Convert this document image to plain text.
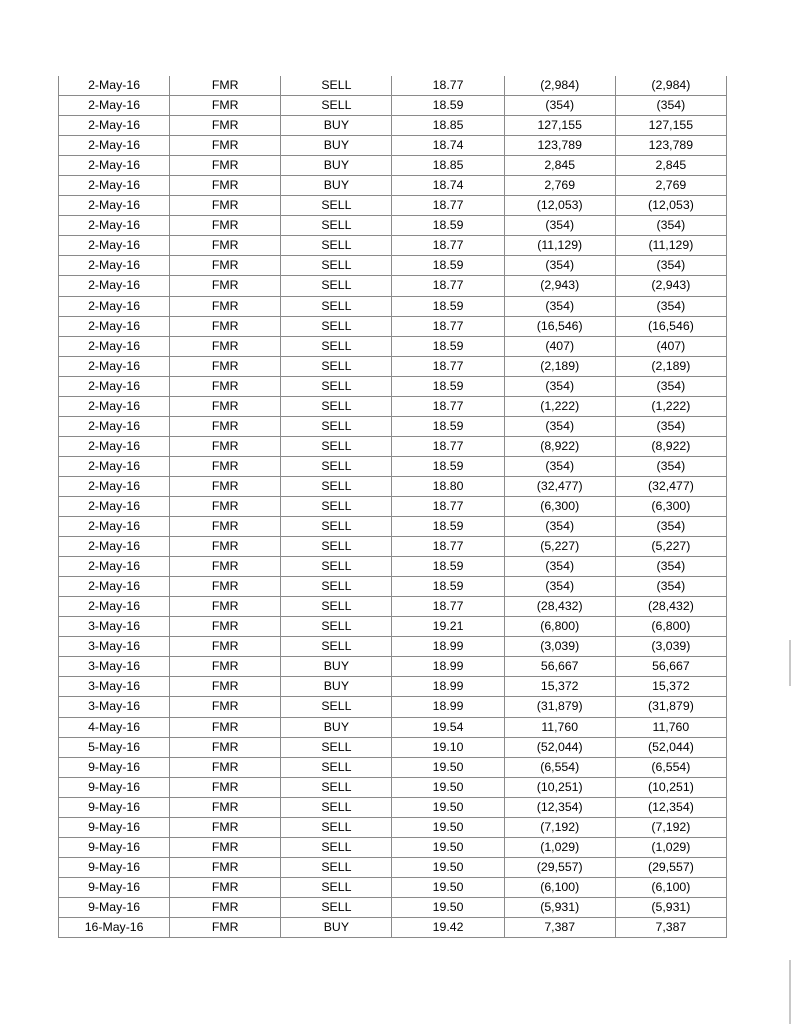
2-May-16	FMR	SELL	18.77	(2,984)	(2,984)
2-May-16	FMR	SELL	18.59	(354)	(354)
2-May-16	FMR	BUY	18.85	127,155	127,155
2-May-16	FMR	BUY	18.74	123,789	123,789
2-May-16	FMR	BUY	18.85	2,845	2,845
2-May-16	FMR	BUY	18.74	2,769	2,769
2-May-16	FMR	SELL	18.77	(12,053)	(12,053)
2-May-16	FMR	SELL	18.59	(354)	(354)
2-May-16	FMR	SELL	18.77	(11,129)	(11,129)
2-May-16	FMR	SELL	18.59	(354)	(354)
2-May-16	FMR	SELL	18.77	(2,943)	(2,943)
2-May-16	FMR	SELL	18.59	(354)	(354)
2-May-16	FMR	SELL	18.77	(16,546)	(16,546)
2-May-16	FMR	SELL	18.59	(407)	(407)
2-May-16	FMR	SELL	18.77	(2,189)	(2,189)
2-May-16	FMR	SELL	18.59	(354)	(354)
2-May-16	FMR	SELL	18.77	(1,222)	(1,222)
2-May-16	FMR	SELL	18.59	(354)	(354)
2-May-16	FMR	SELL	18.77	(8,922)	(8,922)
2-May-16	FMR	SELL	18.59	(354)	(354)
2-May-16	FMR	SELL	18.80	(32,477)	(32,477)
2-May-16	FMR	SELL	18.77	(6,300)	(6,300)
2-May-16	FMR	SELL	18.59	(354)	(354)
2-May-16	FMR	SELL	18.77	(5,227)	(5,227)
2-May-16	FMR	SELL	18.59	(354)	(354)
2-May-16	FMR	SELL	18.59	(354)	(354)
2-May-16	FMR	SELL	18.77	(28,432)	(28,432)
3-May-16	FMR	SELL	19.21	(6,800)	(6,800)
3-May-16	FMR	SELL	18.99	(3,039)	(3,039)
3-May-16	FMR	BUY	18.99	56,667	56,667
3-May-16	FMR	BUY	18.99	15,372	15,372
3-May-16	FMR	SELL	18.99	(31,879)	(31,879)
4-May-16	FMR	BUY	19.54	11,760	11,760
5-May-16	FMR	SELL	19.10	(52,044)	(52,044)
9-May-16	FMR	SELL	19.50	(6,554)	(6,554)
9-May-16	FMR	SELL	19.50	(10,251)	(10,251)
9-May-16	FMR	SELL	19.50	(12,354)	(12,354)
9-May-16	FMR	SELL	19.50	(7,192)	(7,192)
9-May-16	FMR	SELL	19.50	(1,029)	(1,029)
9-May-16	FMR	SELL	19.50	(29,557)	(29,557)
9-May-16	FMR	SELL	19.50	(6,100)	(6,100)
9-May-16	FMR	SELL	19.50	(5,931)	(5,931)
16-May-16	FMR	BUY	19.42	7,387	7,387
